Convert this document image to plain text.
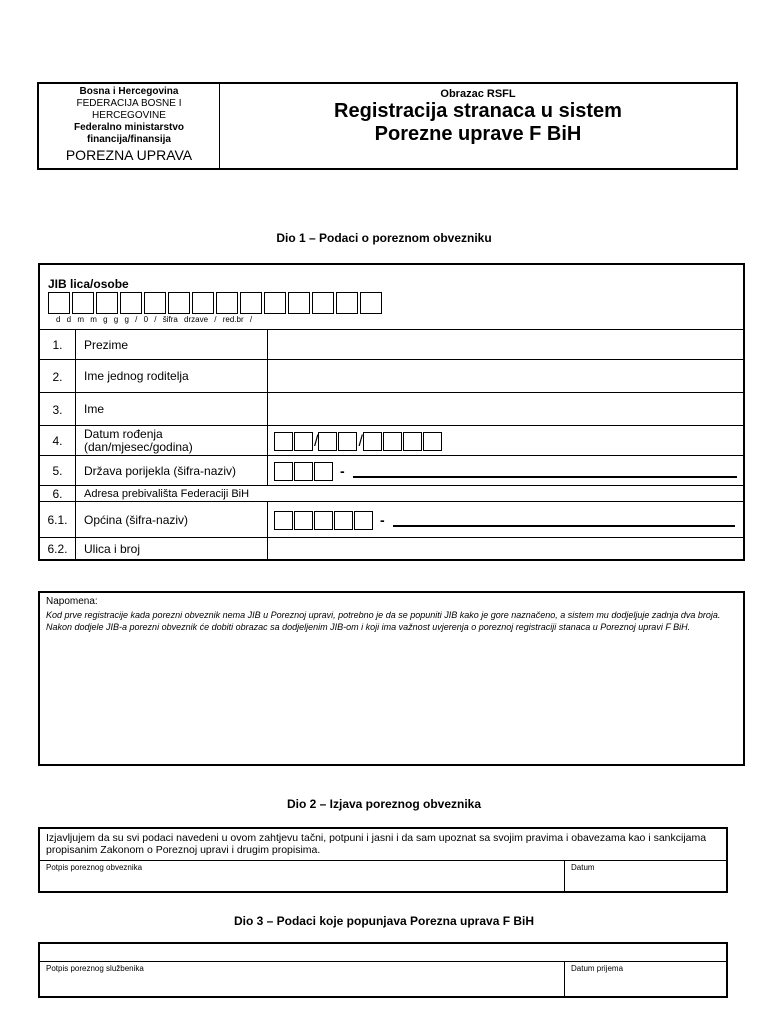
Bosna i Hercegovina
FEDERACIJA BOSNE I
HERCEGOVINE
Federalno ministarstvo
financija/finansija
POREZNA UPRAVA
Obrazac RSFL
Registracija stranaca u sistem
Porezne uprave F BiH
Dio 1 – Podaci o poreznom obvezniku
JIB lica/osobe
d d m m g g g / 0 / šifra drzave / red.br /
1.	Prezime
2.	Ime jednog roditelja
3.	Ime
4.	Datum rođenja (dan/mjesec/godina)	/	/
5.	Država porijekla (šifra-naziv)	-
6.	Adresa prebivališta Federaciji BiH
6.1.	Općina (šifra-naziv)	-
6.2.	Ulica i broj
Napomena:
Kod prve registracije kada porezni obveznik nema JIB u Poreznoj upravi, potrebno je da se popuniti JIB kako je gore naznačeno, a sistem mu dodjeljuje zadnja dva broja. Nakon dodjele JIB-a porezni obveznik će dobiti obrazac sa dodjeljenim JIB-om i koji ima važnost uvjerenja o poreznoj registraciji stanaca u Poreznoj upravi F BiH.
Dio 2 – Izjava poreznog obveznika
Izjavljujem da su svi podaci navedeni u ovom zahtjevu tačni, potpuni i jasni i da sam upoznat sa svojim pravima i obavezama kao i sankcijama propisanim Zakonom o Poreznoj upravi i drugim propisima.
Potpis poreznog obveznika	Datum
Dio 3 – Podaci koje popunjava Porezna uprava F BiH
Potpis poreznog službenika	Datum prijema
